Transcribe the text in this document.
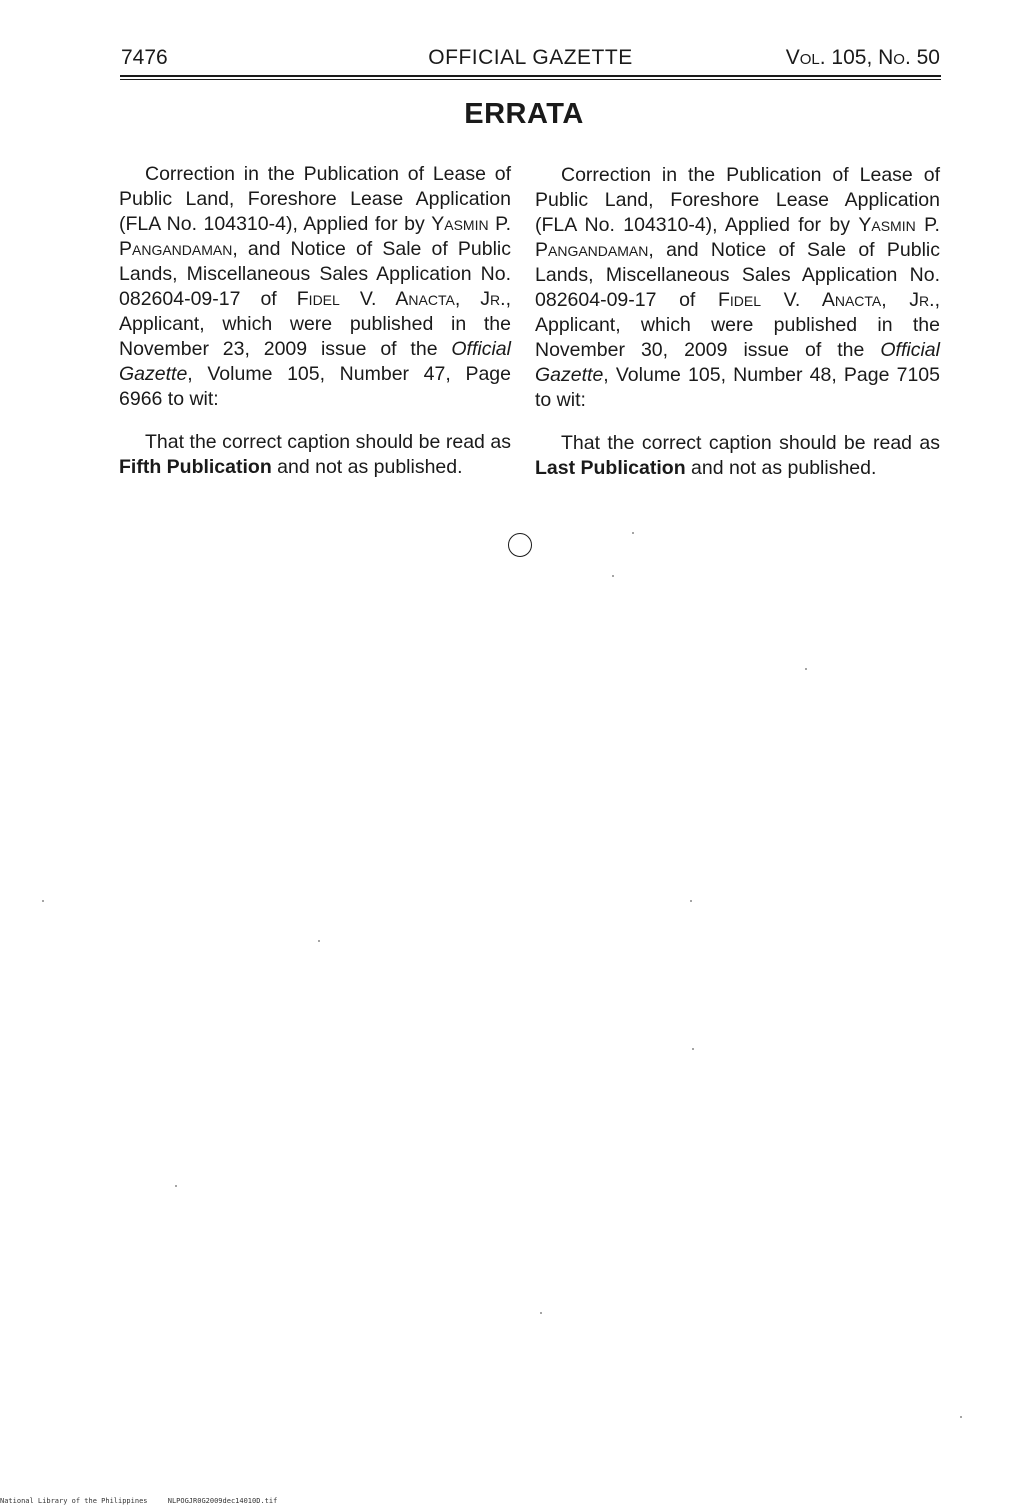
7476	OFFICIAL GAZETTE	Vol. 105, No. 50
ERRATA

Correction in the Publication of Lease of Public Land, Foreshore Lease Application (FLA No. 104310-4), Applied for by Yasmin P. Pangandaman, and Notice of Sale of Public Lands, Miscellaneous Sales Application No. 082604-09-17 of Fidel V. Anacta, Jr., Applicant, which were published in the November 23, 2009 issue of the Official Gazette, Volume 105, Number 47, Page 6966 to wit:

That the correct caption should be read as Fifth Publication and not as published.

Correction in the Publication of Lease of Public Land, Foreshore Lease Application (FLA No. 104310-4), Applied for by Yasmin P. Pangandaman, and Notice of Sale of Public Lands, Miscellaneous Sales Application No. 082604-09-17 of Fidel V. Anacta, Jr., Applicant, which were published in the November 30, 2009 issue of the Official Gazette, Volume 105, Number 48, Page 7105 to wit:

That the correct caption should be read as Last Publication and not as published.

National Library of the Philippines	NLPOGJR0G2009dec14010D.tif
